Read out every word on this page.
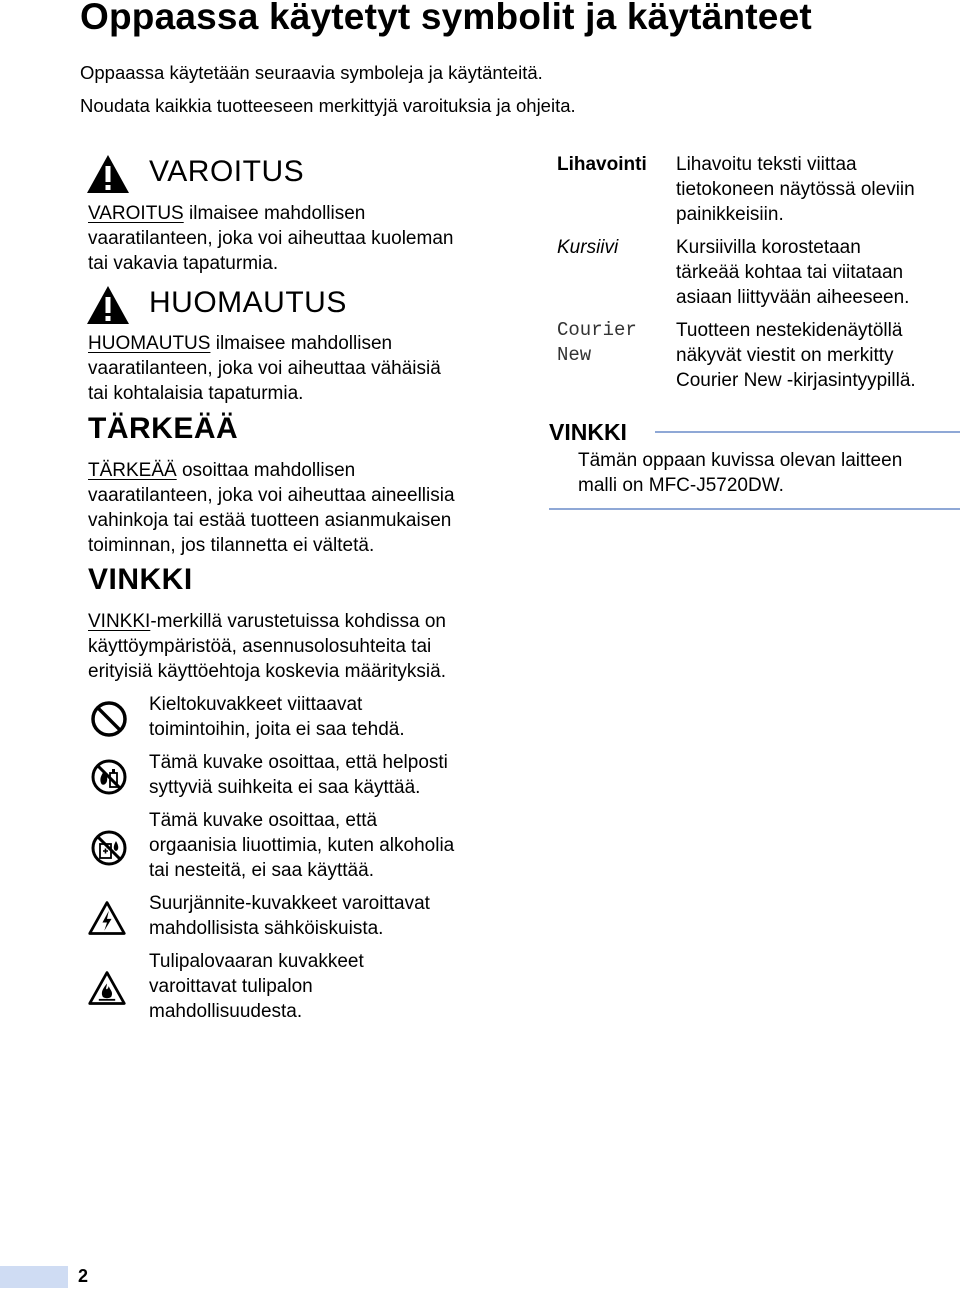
Oppaassa käytetyt symbolit ja käytänteet
Oppaassa käytetään seuraavia symboleja ja käytänteitä.
Noudata kaikkia tuotteeseen merkittyjä varoituksia ja ohjeita.
VAROITUS
VAROITUS ilmaisee mahdollisen
vaaratilanteen, joka voi aiheuttaa kuoleman
tai vakavia tapaturmia.
HUOMAUTUS
HUOMAUTUS ilmaisee mahdollisen
vaaratilanteen, joka voi aiheuttaa vähäisiä
tai kohtalaisia tapaturmia.
TÄRKEÄÄ
TÄRKEÄÄ osoittaa mahdollisen
vaaratilanteen, joka voi aiheuttaa aineellisia
vahinkoja tai estää tuotteen asianmukaisen
toiminnan, jos tilannetta ei vältetä.
VINKKI
VINKKI-merkillä varustetuissa kohdissa on
käyttöympäristöä, asennusolosuhteita tai
erityisiä käyttöehtoja koskevia määrityksiä.
Kieltokuvakkeet viittaavat
toimintoihin, joita ei saa tehdä.
Tämä kuvake osoittaa, että helposti
syttyviä suihkeita ei saa käyttää.
Tämä kuvake osoittaa, että
orgaanisia liuottimia, kuten alkoholia
tai nesteitä, ei saa käyttää.
Suurjännite-kuvakkeet varoittavat
mahdollisista sähköiskuista.
Tulipalovaaran kuvakkeet
varoittavat tulipalon
mahdollisuudesta.
Lihavointi Lihavoitu teksti viittaa
tietokoneen näytössä oleviin
painikkeisiin.
Kursiivi	Kursiivilla korostetaan
tärkeää kohtaa tai viitataan
asiaan liittyvään aiheeseen.
Courier
New
Tuotteen nestekidenäytöllä
näkyvät viestit on merkitty
Courier New -kirjasintyypillä.
VINKKI
Tämän oppaan kuvissa olevan laitteen
malli on MFC-J5720DW.
2
